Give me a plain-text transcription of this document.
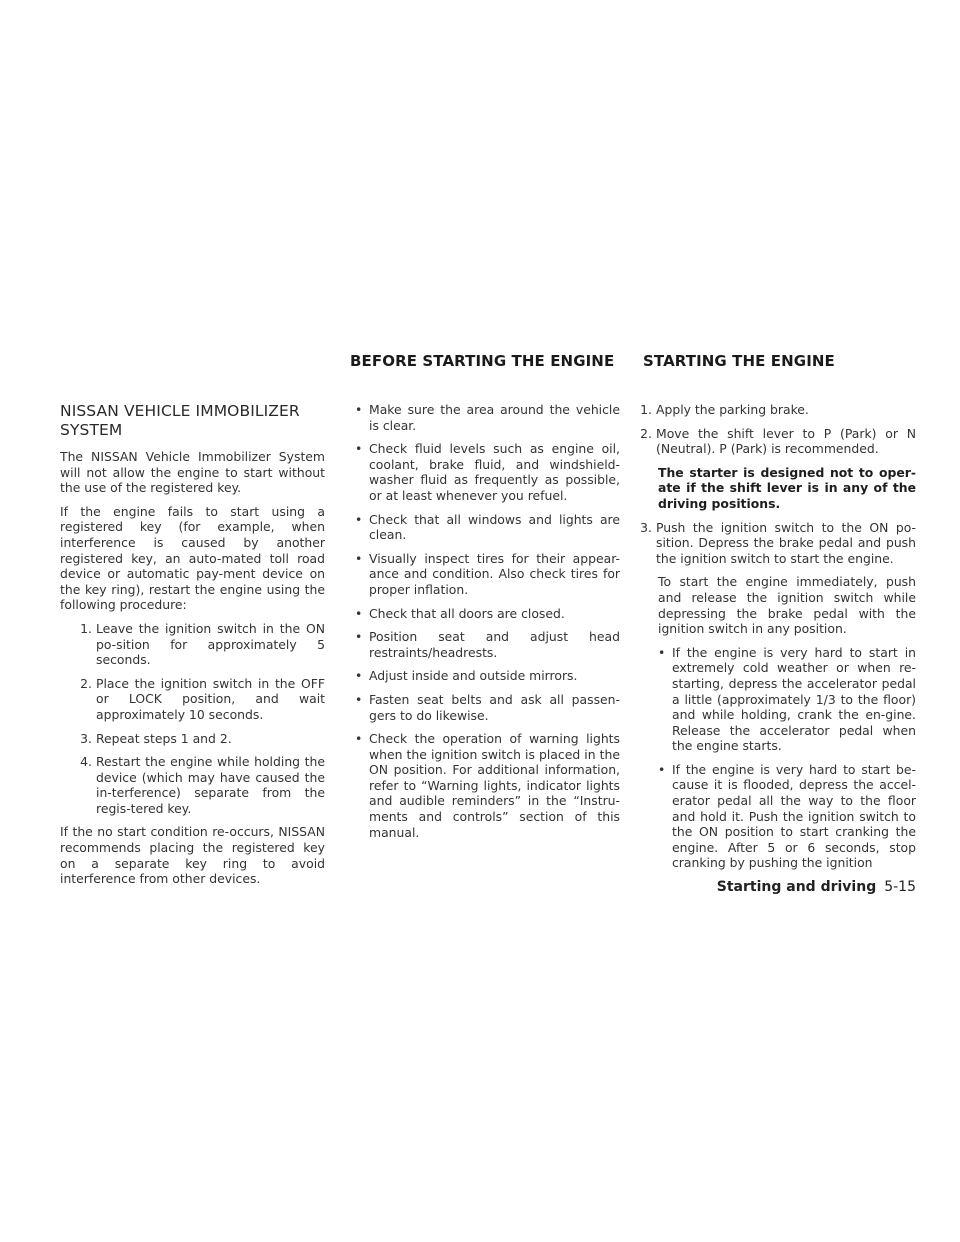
BEFORE STARTING THE ENGINE STARTING THE ENGINE
NISSAN VEHICLE IMMOBILIZER SYSTEM

The NISSAN Vehicle Immobilizer System will not allow the engine to start without the use of the registered key.

If the engine fails to start using a registered key (for example, when interference is caused by another registered key, an auto-mated toll road device or automatic pay-ment device on the key ring), restart the engine using the following procedure:

1. Leave the ignition switch in the ON po-sition for approximately 5 seconds.
2. Place the ignition switch in the OFF or LOCK position, and wait approximately 10 seconds.
3. Repeat steps 1 and 2.
4. Restart the engine while holding the device (which may have caused the in-terference) separate from the regis-tered key.

If the no start condition re-occurs, NISSAN recommends placing the registered key on a separate key ring to avoid interference from other devices.

• Make sure the area around the vehicle is clear.
• Check fluid levels such as engine oil, coolant, brake fluid, and windshield-washer fluid as frequently as possible, or at least whenever you refuel.
• Check that all windows and lights are clean.
• Visually inspect tires for their appear-ance and condition. Also check tires for proper inflation.
• Check that all doors are closed.
• Position seat and adjust head restraints/headrests.
• Adjust inside and outside mirrors.
• Fasten seat belts and ask all passen-gers to do likewise.
• Check the operation of warning lights when the ignition switch is placed in the ON position. For additional information, refer to “Warning lights, indicator lights and audible reminders” in the “Instru-ments and controls” section of this manual.
1. Apply the parking brake.
2. Move the shift lever to P (Park) or N (Neutral). P (Park) is recommended.
The starter is designed not to oper-ate if the shift lever is in any of the driving positions.
3. Push the ignition switch to the ON po-sition. Depress the brake pedal and push the ignition switch to start the engine.
To start the engine immediately, push and release the ignition switch while depressing the brake pedal with the ignition switch in any position.
• If the engine is very hard to start in extremely cold weather or when re-starting, depress the accelerator pedal a little (approximately 1/3 to the floor) and while holding, crank the en-gine. Release the accelerator pedal when the engine starts.
• If the engine is very hard to start be-cause it is flooded, depress the accel-erator pedal all the way to the floor and hold it. Push the ignition switch to the ON position to start cranking the engine. After 5 or 6 seconds, stop cranking by pushing the ignition
Starting and driving 5-15
